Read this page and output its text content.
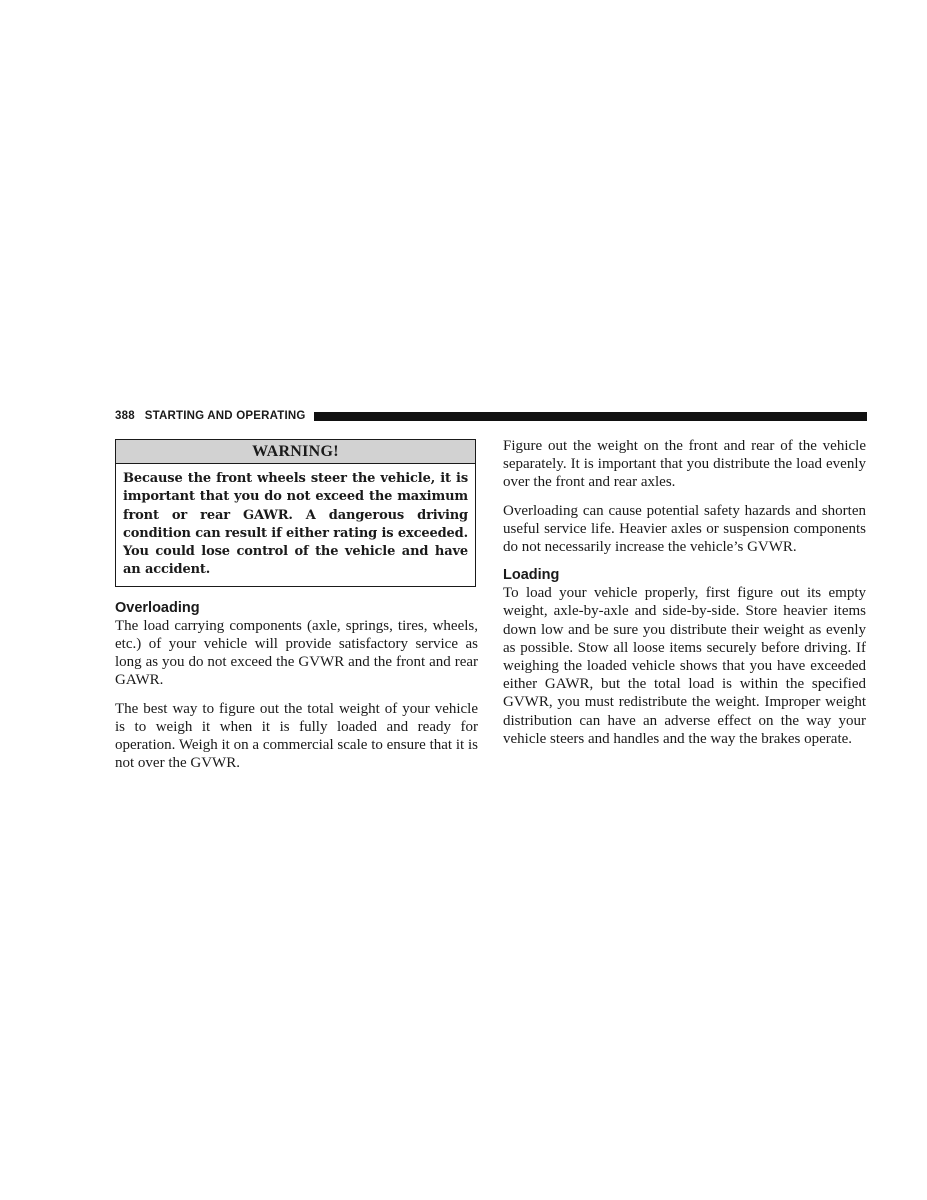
388 STARTING AND OPERATING
WARNING!
Because the front wheels steer the vehicle, it is important that you do not exceed the maximum front or rear GAWR. A dangerous driving condition can result if either rating is exceeded. You could lose control of the vehicle and have an accident.
Overloading

The load carrying components (axle, springs, tires, wheels, etc.) of your vehicle will provide satisfactory service as long as you do not exceed the GVWR and the front and rear GAWR.

The best way to figure out the total weight of your vehicle is to weigh it when it is fully loaded and ready for operation. Weigh it on a commercial scale to ensure that it is not over the GVWR.

Figure out the weight on the front and rear of the vehicle separately. It is important that you distribute the load evenly over the front and rear axles.

Overloading can cause potential safety hazards and shorten useful service life. Heavier axles or suspension components do not necessarily increase the vehicle’s GVWR.

Loading

To load your vehicle properly, first figure out its empty weight, axle-by-axle and side-by-side. Store heavier items down low and be sure you distribute their weight as evenly as possible. Stow all loose items securely before driving. If weighing the loaded vehicle shows that you have exceeded either GAWR, but the total load is within the specified GVWR, you must redistribute the weight. Improper weight distribution can have an adverse effect on the way your vehicle steers and handles and the way the brakes operate.
